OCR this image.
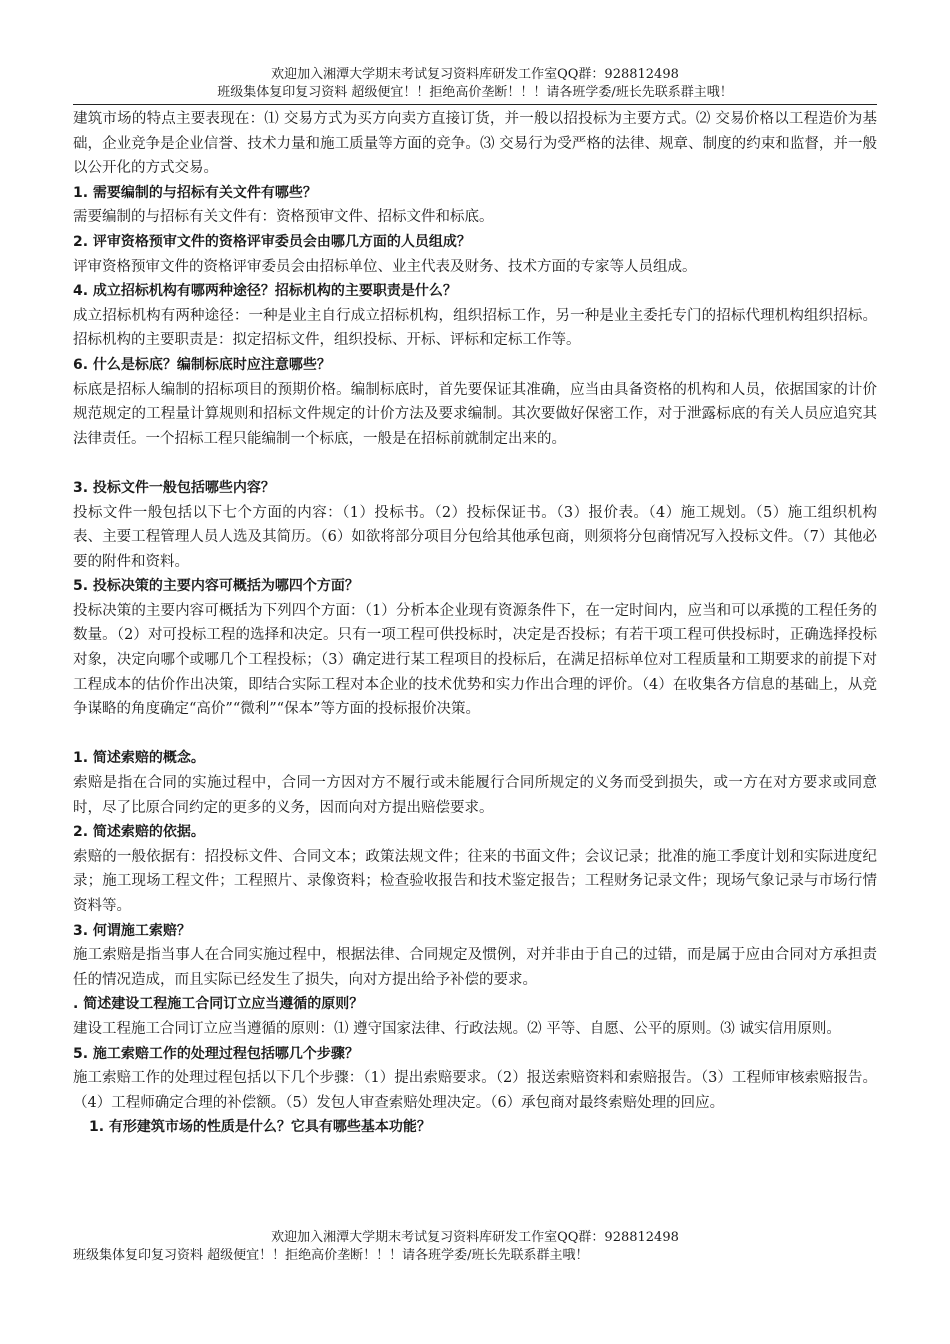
欢迎加入湘潭大学期末考试复习资料库研发工作室QQ群：928812498
班级集体复印复习资料 超级便宜！！拒绝高价垄断！！！请各班学委/班长先联系群主哦！

建筑市场的特点主要表现在：⑴ 交易方式为买方向卖方直接订货，并一般以招投标为主要方式。⑵ 交易价格以工程造价为基础，企业竞争是企业信誉、技术力量和施工质量等方面的竞争。⑶ 交易行为受严格的法律、规章、制度的约束和监督，并一般以公开化的方式交易。

1. 需要编制的与招标有关文件有哪些？

需要编制的与招标有关文件有：资格预审文件、招标文件和标底。

2. 评审资格预审文件的资格评审委员会由哪几方面的人员组成？

评审资格预审文件的资格评审委员会由招标单位、业主代表及财务、技术方面的专家等人员组成。

4. 成立招标机构有哪两种途径？招标机构的主要职责是什么？

成立招标机构有两种途径：一种是业主自行成立招标机构，组织招标工作，另一种是业主委托专门的招标代理机构组织招标。招标机构的主要职责是：拟定招标文件，组织投标、开标、评标和定标工作等。

6. 什么是标底？编制标底时应注意哪些？

标底是招标人编制的招标项目的预期价格。编制标底时，首先要保证其准确，应当由具备资格的机构和人员，依据国家的计价规范规定的工程量计算规则和招标文件规定的计价方法及要求编制。其次要做好保密工作，对于泄露标底的有关人员应追究其法律责任。一个招标工程只能编制一个标底，一般是在招标前就制定出来的。

3. 投标文件一般包括哪些内容？

投标文件一般包括以下七个方面的内容：（1）投标书。（2）投标保证书。（3）报价表。（4）施工规划。（5）施工组织机构表、主要工程管理人员人选及其简历。（6）如欲将部分项目分包给其他承包商，则须将分包商情况写入投标文件。（7）其他必要的附件和资料。

5. 投标决策的主要内容可概括为哪四个方面？

投标决策的主要内容可概括为下列四个方面：（1）分析本企业现有资源条件下，在一定时间内，应当和可以承揽的工程任务的数量。（2）对可投标工程的选择和决定。只有一项工程可供投标时，决定是否投标；有若干项工程可供投标时，正确选择投标对象，决定向哪个或哪几个工程投标；（3）确定进行某工程项目的投标后，在满足招标单位对工程质量和工期要求的前提下对工程成本的估价作出决策，即结合实际工程对本企业的技术优势和实力作出合理的评价。（4）在收集各方信息的基础上，从竞争谋略的角度确定“高价”“微利”“保本”等方面的投标报价决策。

1. 简述索赔的概念。

索赔是指在合同的实施过程中，合同一方因对方不履行或未能履行合同所规定的义务而受到损失，或一方在对方要求或同意时，尽了比原合同约定的更多的义务，因而向对方提出赔偿要求。

2. 简述索赔的依据。

索赔的一般依据有：招投标文件、合同文本；政策法规文件；往来的书面文件；会议记录；批准的施工季度计划和实际进度纪录；施工现场工程文件；工程照片、录像资料；检查验收报告和技术鉴定报告；工程财务记录文件；现场气象记录与市场行情资料等。

3. 何谓施工索赔？

施工索赔是指当事人在合同实施过程中，根据法律、合同规定及惯例，对并非由于自己的过错，而是属于应由合同对方承担责任的情况造成，而且实际已经发生了损失，向对方提出给予补偿的要求。

. 简述建设工程施工合同订立应当遵循的原则？

建设工程施工合同订立应当遵循的原则：⑴ 遵守国家法律、行政法规。⑵ 平等、自愿、公平的原则。⑶ 诚实信用原则。

5. 施工索赔工作的处理过程包括哪几个步骤？

施工索赔工作的处理过程包括以下几个步骤：（1）提出索赔要求。（2）报送索赔资料和索赔报告。（3）工程师审核索赔报告。（4）工程师确定合理的补偿额。（5）发包人审查索赔处理决定。（6）承包商对最终索赔处理的回应。

1. 有形建筑市场的性质是什么？它具有哪些基本功能？

欢迎加入湘潭大学期末考试复习资料库研发工作室QQ群：928812498
班级集体复印复习资料 超级便宜！！拒绝高价垄断！！！请各班学委/班长先联系群主哦！
